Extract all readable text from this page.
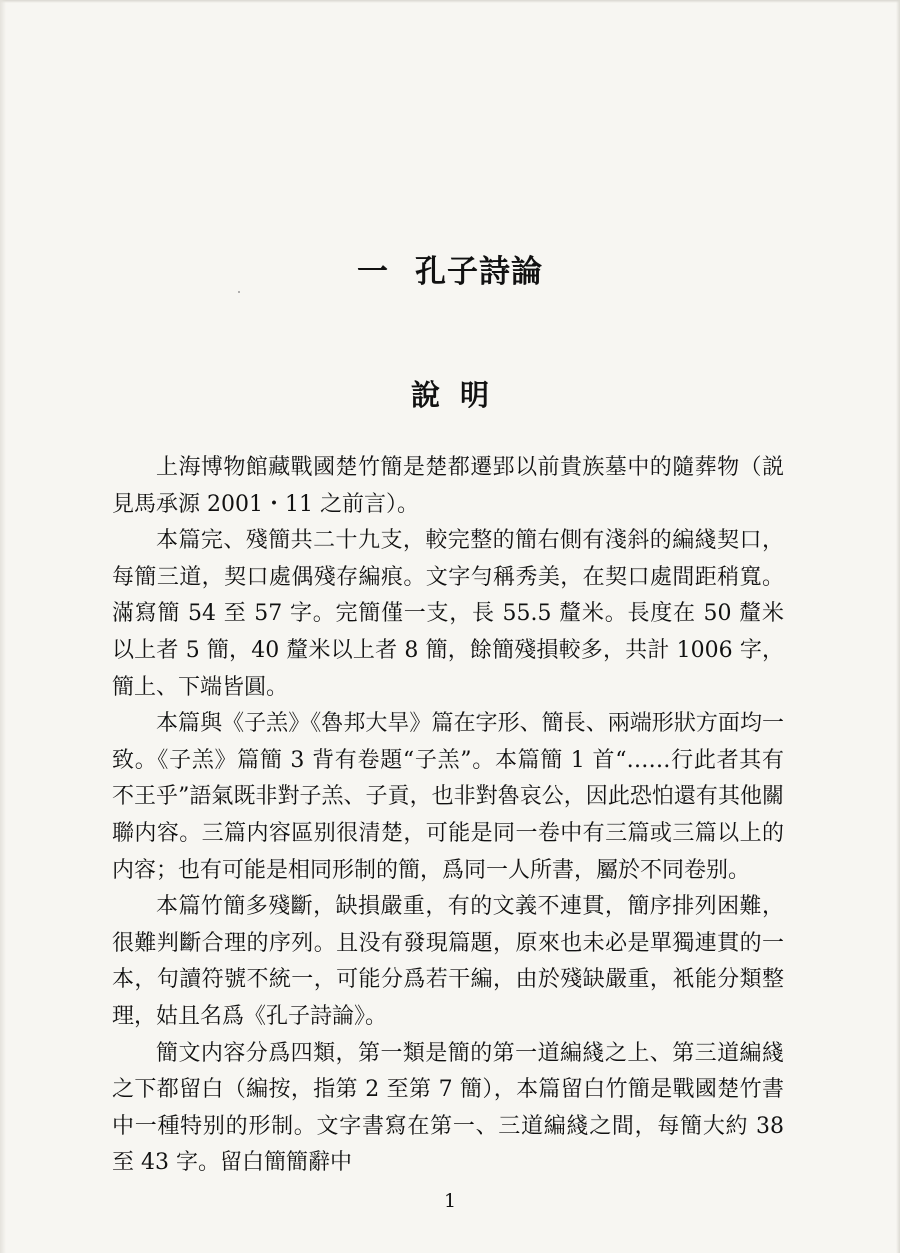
一 孔子詩論
說明

上海博物館藏戰國楚竹簡是楚都遷郢以前貴族墓中的隨葬物（説見馬承源 2001・11 之前言）。

本篇完、殘簡共二十九支，較完整的簡右側有淺斜的編綫契口，每簡三道，契口處偶殘存編痕。文字勻稱秀美，在契口處間距稍寬。滿寫簡 54 至 57 字。完簡僅一支，長 55.5 釐米。長度在 50 釐米以上者 5 簡，40 釐米以上者 8 簡，餘簡殘損較多，共計 1006 字，簡上、下端皆圓。

本篇與《子羔》《魯邦大旱》篇在字形、簡長、兩端形狀方面均一致。《子羔》篇簡 3 背有卷題“子羔”。本篇簡 1 首“……行此者其有不王乎”語氣既非對子羔、子貢，也非對魯哀公，因此恐怕還有其他關聯内容。三篇内容區别很清楚，可能是同一卷中有三篇或三篇以上的内容；也有可能是相同形制的簡，爲同一人所書，屬於不同卷别。

本篇竹簡多殘斷，缺損嚴重，有的文義不連貫，簡序排列困難，很難判斷合理的序列。且没有發現篇題，原來也未必是單獨連貫的一本，句讀符號不統一，可能分爲若干編，由於殘缺嚴重，衹能分類整理，姑且名爲《孔子詩論》。

簡文内容分爲四類，第一類是簡的第一道編綫之上、第三道編綫之下都留白（編按，指第 2 至第 7 簡），本篇留白竹簡是戰國楚竹書中一種特别的形制。文字書寫在第一、三道編綫之間，每簡大約 38 至 43 字。留白簡簡辭中

1
